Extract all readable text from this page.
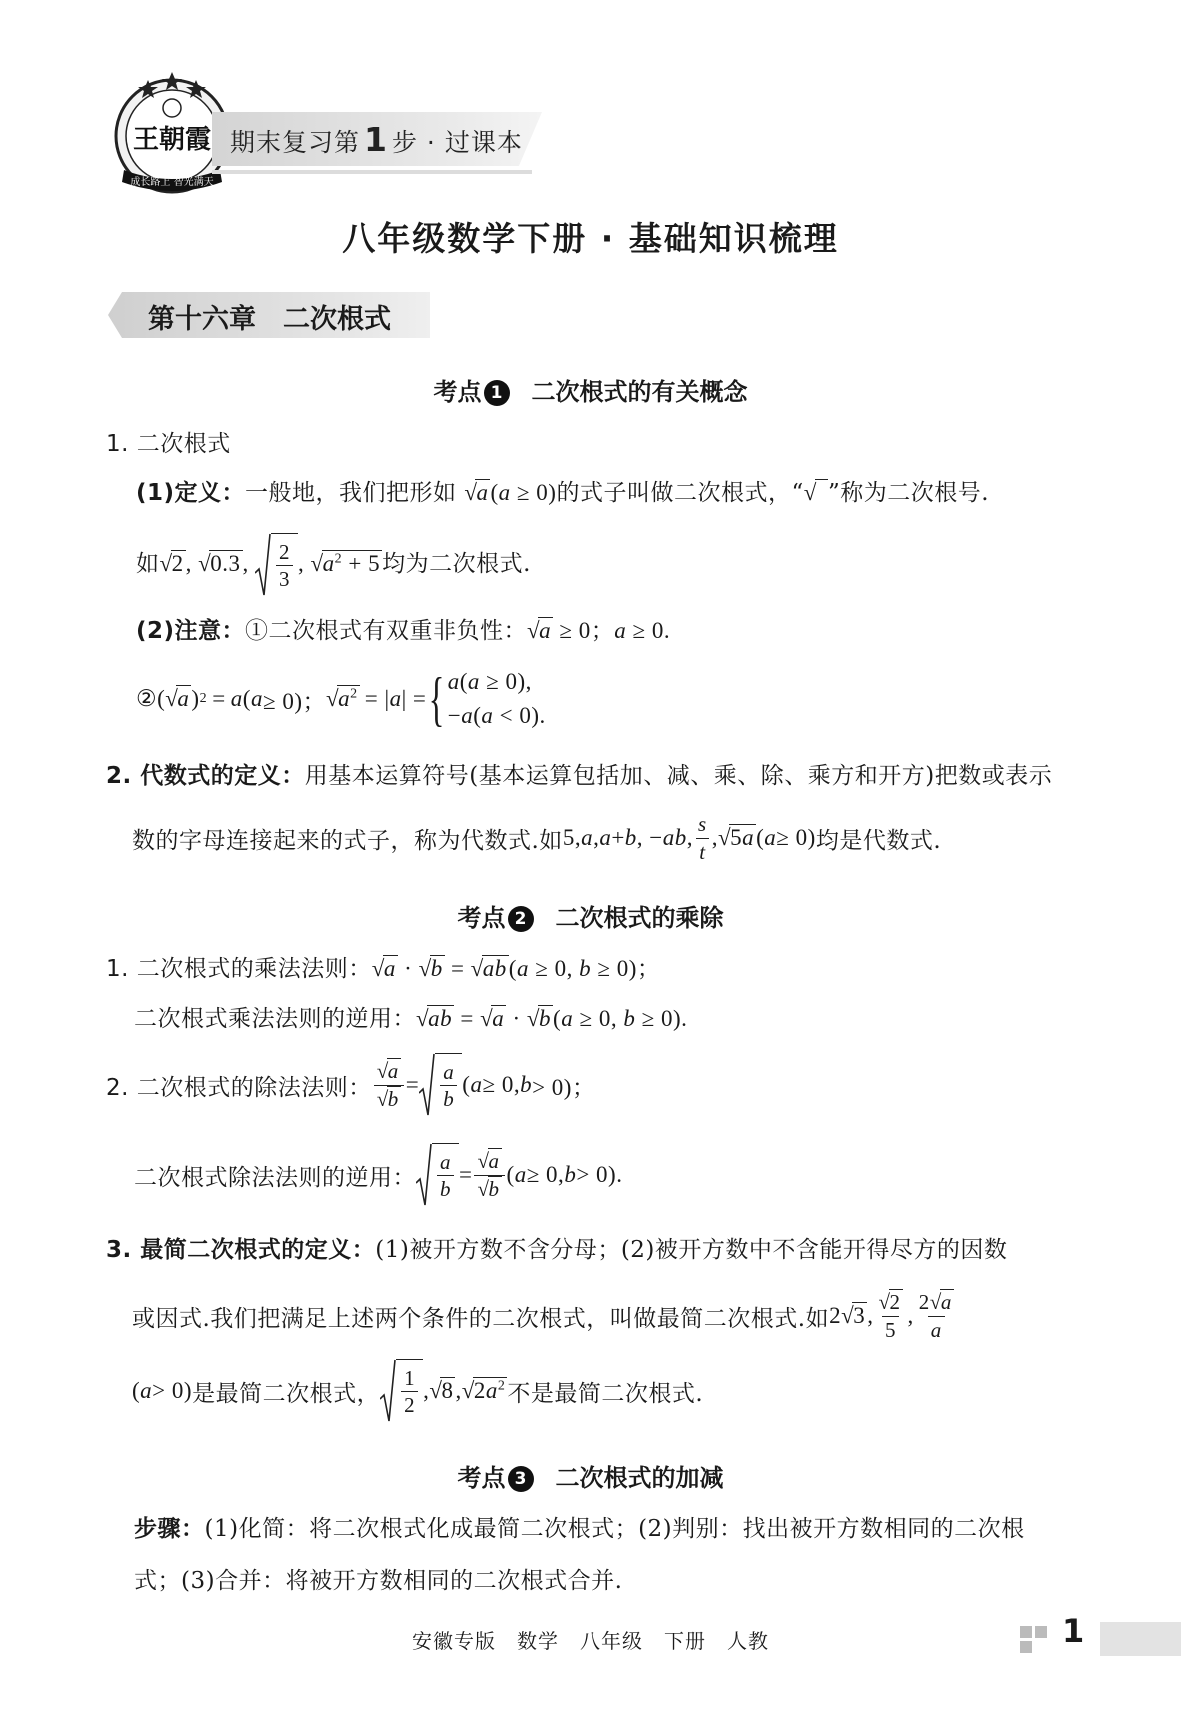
王朝霞
成长路上 智光满天
期末复习第 1 步 · 过课本
八年级数学下册 · 基础知识梳理
第十六章　二次根式
考点 1 二次根式的有关概念
1. 二次根式
(1)定义：一般地，我们把形如 √a(a ≥ 0)的式子叫做二次根式，“√   ”称为二次根号.
如√2, √0.3, $\frac{2}{3}$ , $√a^2 + 5$均为二次根式.
(2)注意：①二次根式有双重非负性：√a ≥ 0；a ≥ 0.
② ( √a ) 2  =  a ( a ≥ 0)； $√a^2$  = | a | = { a(a ≥ 0),
−a(a < 0).
2. 代数式的定义：用基本运算符号(基本运算包括加、减、乘、除、乘方和开方)把数或表示
数的字母连接起来的式子，称为代数式.如 5, a , a + b , − ab , $\frac{s}{t}$ , √5a ( a ≥ 0) 均是代数式.
考点 2 二次根式的乘除
1. 二次根式的乘法法则：√a · √b = √ab(a ≥ 0, b ≥ 0)；
二次根式乘法法则的逆用：√ab = √a · √b(a ≥ 0, b ≥ 0).
2. 二次根式的除法法则： $\frac{√a}{√b} = \frac{a}{b}$ ( a ≥ 0, b > 0)；
二次根式除法法则的逆用： $\frac{a}{b} = \frac{√a}{√b}$ ( a ≥ 0, b > 0).
3. 最简二次根式的定义：(1)被开方数不含分母；(2)被开方数中不含能开得尽方的因数
或因式.我们把满足上述两个条件的二次根式，叫做最简二次根式.如 2 √3 , $\frac{√2}{5}$ , $\frac{2√a}{a}$
( a > 0) 是最简二次根式， $\frac{1}{2}$ , √8 , $√2a^2$ 不是最简二次根式.
考点 3 二次根式的加减
步骤：(1)化简：将二次根式化成最简二次根式；(2)判别：找出被开方数相同的二次根
式；(3)合并：将被开方数相同的二次根式合并.
安徽专版　数学　八年级　下册　人教	1
